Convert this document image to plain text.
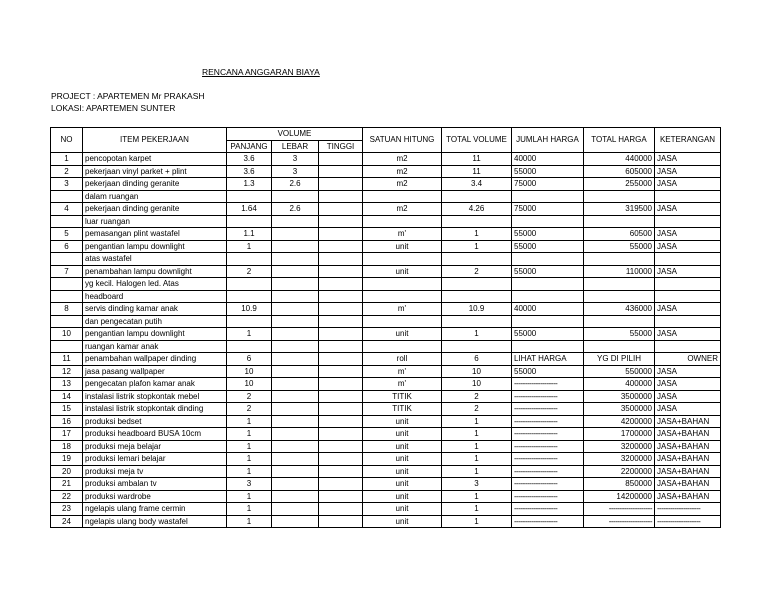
RENCANA ANGGARAN BIAYA
PROJECT : APARTEMEN Mr PRAKASH
LOKASI: APARTEMEN SUNTER
NO	ITEM PEKERJAAN	VOLUME			SATUAN HITUNG	TOTAL VOLUME	JUMLAH HARGA	TOTAL HARGA	KETERANGAN
		PANJANG	LEBAR	TINGGI					
1	pencopotan karpet	3.6	3		m2	11	40000	440000	JASA
2	pekerjaan vinyl parket + plint	3.6	3		m2	11	55000	605000	JASA
3	pekerjaan dinding geranite	1.3	2.6		m2	3.4	75000	255000	JASA
	dalam ruangan								
4	pekerjaan dinding geranite	1.64	2.6		m2	4.26	75000	319500	JASA
	luar ruangan								
5	pemasangan plint wastafel	1.1			m'	1	55000	60500	JASA
6	pengantian lampu downlight	1			unit	1	55000	55000	JASA
	atas wastafel								
7	penambahan lampu downlight	2			unit	2	55000	110000	JASA
	yg kecil. Halogen led. Atas								
	headboard								
8	servis dinding kamar anak	10.9			m'	10.9	40000	436000	JASA
	dan pengecatan putih								
10	pengantian lampu downlight	1			unit	1	55000	55000	JASA
	ruangan kamar anak								
11	penambahan wallpaper dinding	6			roll	6	LIHAT HARGA	YG DI PILIH	OWNER
12	jasa pasang wallpaper	10			m'	10	55000	550000	JASA
13	pengecatan plafon kamar anak	10			m'	10	--------------------	400000	JASA
14	instalasi listrik stopkontak mebel	2			TITIK	2	--------------------	3500000	JASA
15	instalasi listrik stopkontak dinding	2			TITIK	2	--------------------	3500000	JASA
16	produksi bedset	1			unit	1	--------------------	4200000	JASA+BAHAN
17	produksi headboard BUSA 10cm	1			unit	1	--------------------	1700000	JASA+BAHAN
18	produksi meja belajar	1			unit	1	--------------------	3200000	JASA+BAHAN
19	produksi lemari belajar	1			unit	1	--------------------	3200000	JASA+BAHAN
20	produksi meja tv	1			unit	1	--------------------	2200000	JASA+BAHAN
21	produksi ambalan tv	3			unit	3	--------------------	850000	JASA+BAHAN
22	produksi wardrobe	1			unit	1	--------------------	14200000	JASA+BAHAN
23	ngelapis ulang frame cermin	1			unit	1	--------------------	--------------------	--------------------
24	ngelapis ulang body wastafel	1			unit	1	--------------------	--------------------	--------------------
